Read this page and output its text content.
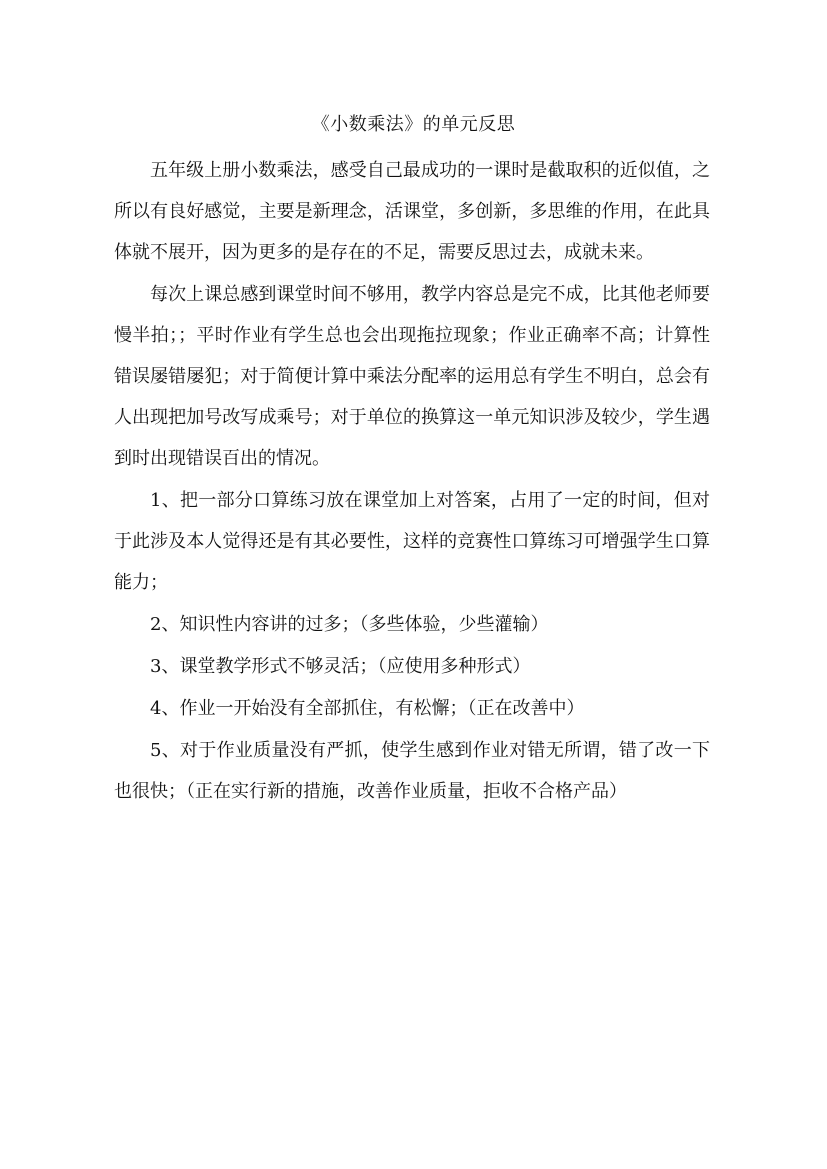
《小数乘法》的单元反思

五年级上册小数乘法，感受自己最成功的一课时是截取积的近似值，之所以有良好感觉，主要是新理念，活课堂，多创新，多思维的作用，在此具体就不展开，因为更多的是存在的不足，需要反思过去，成就未来。

每次上课总感到课堂时间不够用，教学内容总是完不成，比其他老师要慢半拍；；平时作业有学生总也会出现拖拉现象；作业正确率不高；计算性错误屡错屡犯；对于简便计算中乘法分配率的运用总有学生不明白，总会有人出现把加号改写成乘号；对于单位的换算这一单元知识涉及较少，学生遇到时出现错误百出的情况。

1、把一部分口算练习放在课堂加上对答案，占用了一定的时间，但对于此涉及本人觉得还是有其必要性，这样的竞赛性口算练习可增强学生口算能力；

2、知识性内容讲的过多；（多些体验，少些灌输）

3、课堂教学形式不够灵活；（应使用多种形式）

4、作业一开始没有全部抓住，有松懈；（正在改善中）

5、对于作业质量没有严抓，使学生感到作业对错无所谓，错了改一下也很快；（正在实行新的措施，改善作业质量，拒收不合格产品）
